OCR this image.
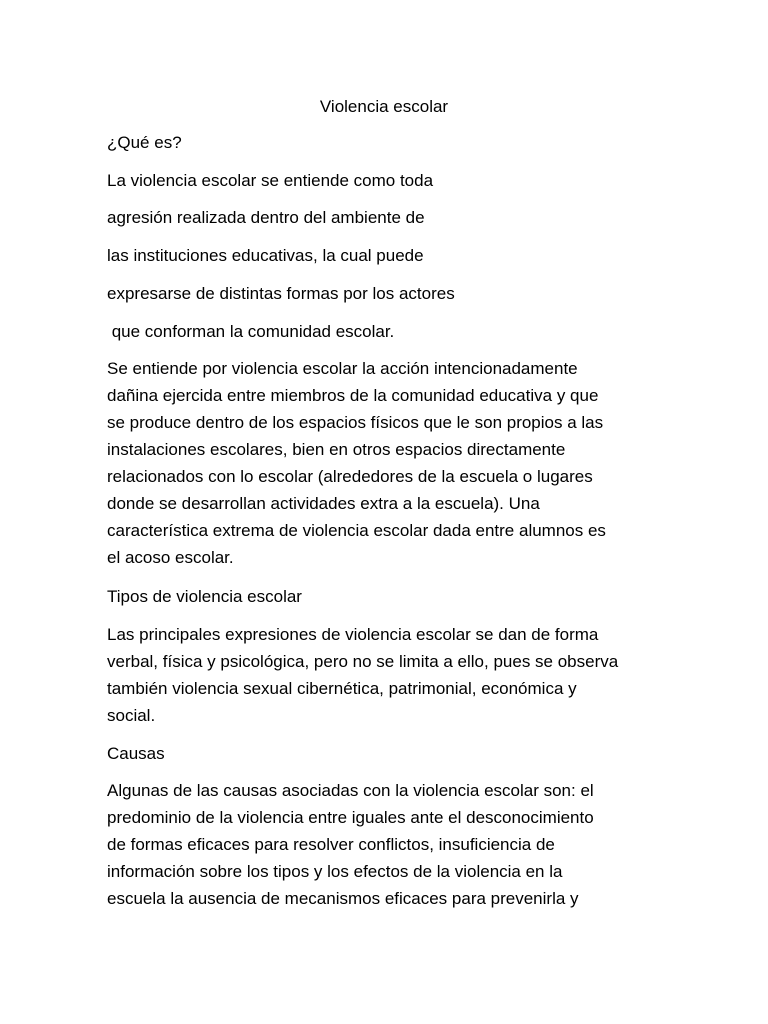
Violencia escolar
¿Qué es?
La violencia escolar se entiende como toda
agresión realizada dentro del ambiente de
las instituciones educativas, la cual puede
expresarse de distintas formas por los actores
que conforman la comunidad escolar.
Se entiende por violencia escolar la acción intencionadamente
dañina ejercida entre miembros de la comunidad educativa y que
se produce dentro de los espacios físicos que le son propios a las
instalaciones escolares, bien en otros espacios directamente
relacionados con lo escolar (alrededores de la escuela o lugares
donde se desarrollan actividades extra a la escuela). Una
característica extrema de violencia escolar dada entre alumnos es
el acoso escolar.
Tipos de violencia escolar
Las principales expresiones de violencia escolar se dan de forma
verbal, física y psicológica, pero no se limita a ello, pues se observa
también violencia sexual cibernética, patrimonial, económica y
social.
Causas
Algunas de las causas asociadas con la violencia escolar son: el
predominio de la violencia entre iguales ante el desconocimiento
de formas eficaces para resolver conflictos, insuficiencia de
información sobre los tipos y los efectos de la violencia en la
escuela la ausencia de mecanismos eficaces para prevenirla y
